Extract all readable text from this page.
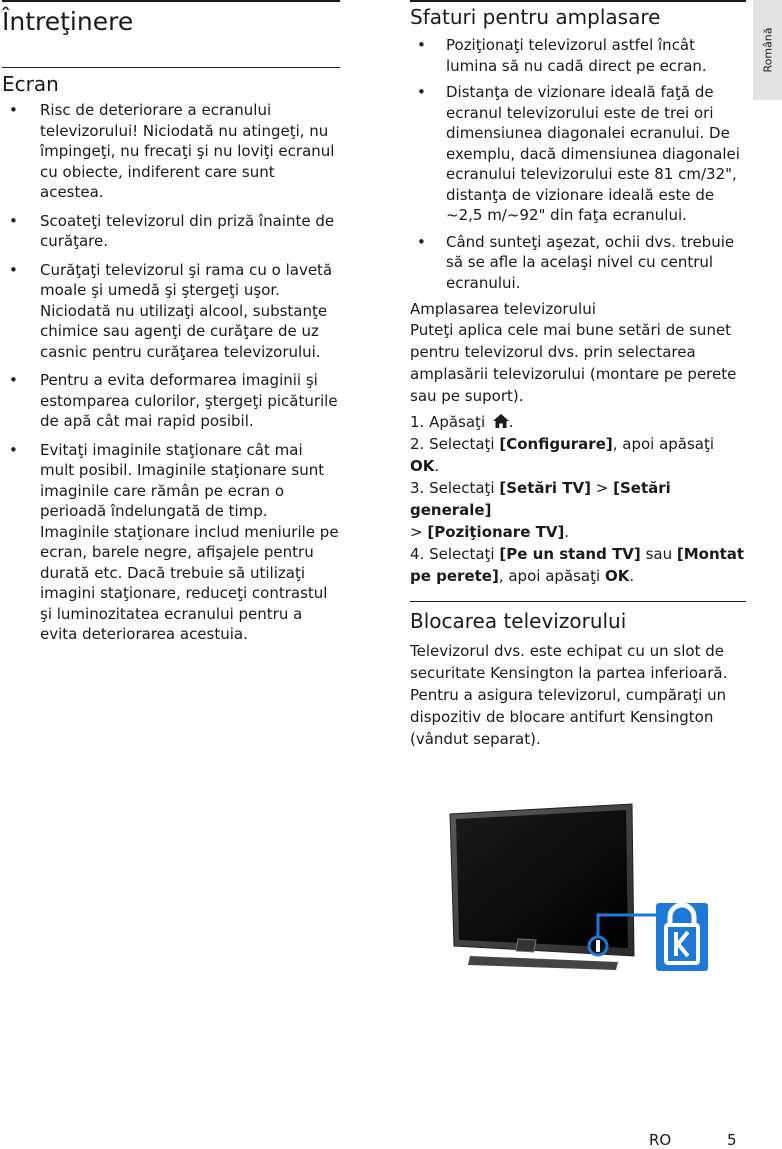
Română
Întreţinere
Ecran
• Risc de deteriorare a ecranului televizorului! Niciodată nu atingeţi, nu împingeţi, nu frecaţi şi nu loviţi ecranul cu obiecte, indiferent care sunt acestea.
• Scoateţi televizorul din priză înainte de curăţare.
• Curăţaţi televizorul şi rama cu o lavetă moale şi umedă şi ştergeţi uşor. Niciodată nu utilizaţi alcool, substanţe chimice sau agenţi de curăţare de uz casnic pentru curăţarea televizorului.
• Pentru a evita deformarea imaginii şi estomparea culorilor, ştergeţi picăturile de apă cât mai rapid posibil.
• Evitaţi imaginile staţionare cât mai mult posibil. Imaginile staţionare sunt imaginile care rămân pe ecran o perioadă îndelungată de timp. Imaginile staţionare includ meniurile pe ecran, barele negre, afişajele pentru durată etc. Dacă trebuie să utilizaţi imagini staţionare, reduceţi contrastul şi luminozitatea ecranului pentru a evita deteriorarea acestuia.
Sfaturi pentru amplasare
• Poziţionaţi televizorul astfel încât lumina să nu cadă direct pe ecran.
• Distanţa de vizionare ideală faţă de ecranul televizorului este de trei ori dimensiunea diagonalei ecranului. De exemplu, dacă dimensiunea diagonalei ecranului televizorului este 81 cm/32", distanţa de vizionare ideală este de ~2,5 m/~92" din faţa ecranului.
• Când sunteţi aşezat, ochii dvs. trebuie să se afle la acelaşi nivel cu centrul ecranului.
Amplasarea televizorului

Puteţi aplica cele mai bune setări de sunet pentru televizorul dvs. prin selectarea amplasării televizorului (montare pe perete sau pe suport).

1. Apăsaţi .

2. Selectaţi [Configurare], apoi apăsaţi OK.

3. Selectaţi [Setări TV] > [Setări generale]
> [Poziţionare TV].

4. Selectaţi [Pe un stand TV] sau [Montat pe perete], apoi apăsaţi OK.

Blocarea televizorului

Televizorul dvs. este echipat cu un slot de securitate Kensington la partea inferioară. Pentru a asigura televizorul, cumpăraţi un dispozitiv de blocare antifurt Kensington (vândut separat).

RO	5
